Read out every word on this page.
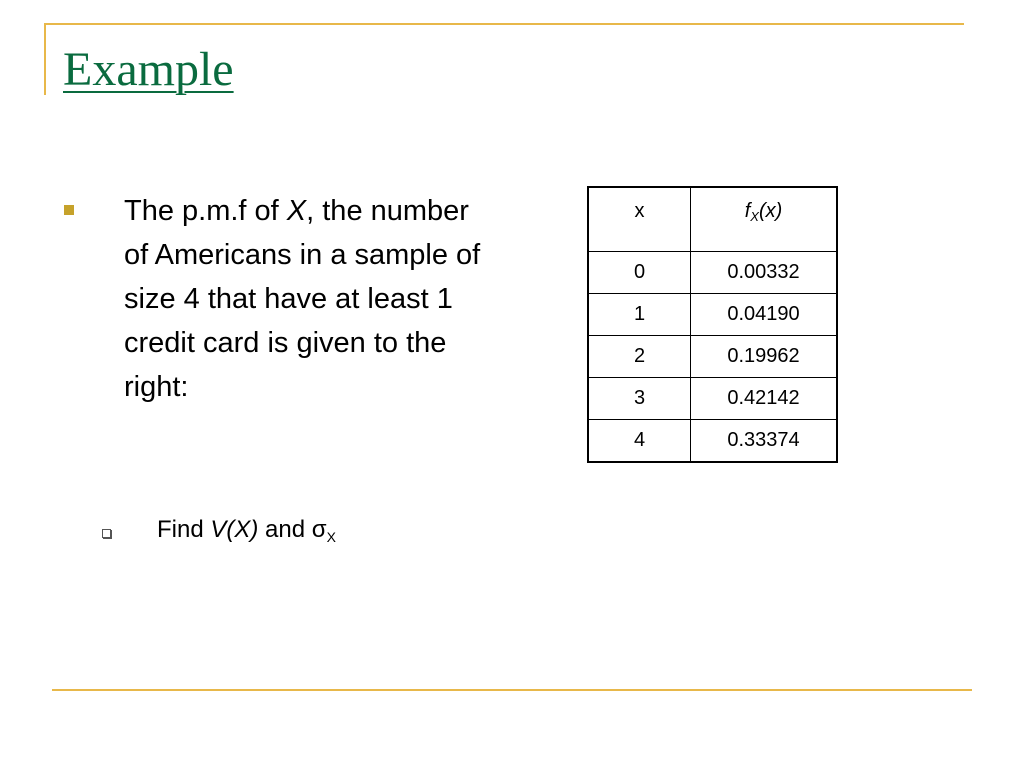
Example

The p.m.f of X, the number of Americans in a sample of size 4 that have at least 1 credit card is given to the right:

Find V(X) and $\sigma_X$
x	$f_X(x)$
0	0.00332
1	0.04190
2	0.19962
3	0.42142
4	0.33374
